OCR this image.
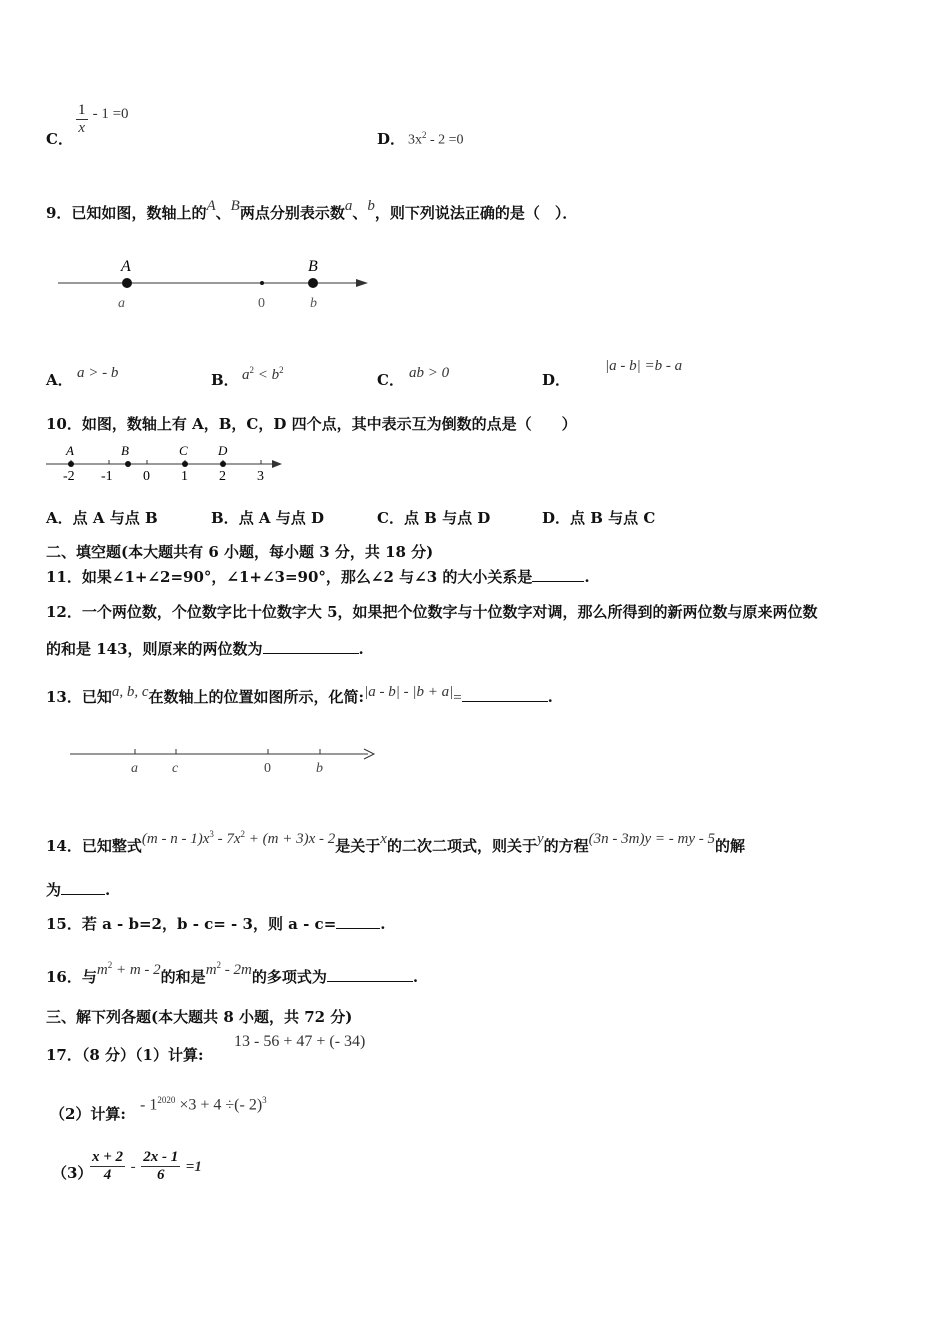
C．
$\frac{1}{x} - 1 =0$
D． $3x^2 - 2 =0$
9．已知如图，数轴上的A、B两点分别表示数a、b，则下列说法正确的是（　）．
A	B
a	0	b
A． a > - b	B． $a^2 < b^2$
C． ab > 0	D．
|a - b| =b - a
10．如图，数轴上有 A，B，C，D 四个点，其中表示互为倒数的点是（　　）
A	B	C D
-2 -1 0 1 2 3
A．点 A 与点 B	B．点 A 与点 D	C．点 B 与点 D	D．点 B 与点 C
二、填空题(本大题共有 6 小题，每小题 3 分，共 18 分)
11．如果∠1+∠2=90°，∠1+∠3=90°，那么∠2 与∠3 的大小关系是	.
12．一个两位数，个位数字比十位数字大 5，如果把个位数字与十位数字对调，那么所得到的新两位数与原来两位数
的和是 143，则原来的两位数为	.
13．已知a, b, c在数轴上的位置如图所示，化简:|a - b| - |b + a|=	.
a c	0	b
14．已知整式$(m - n - 1)x^3 - 7x^2 + (m + 3)x - 2$是关于x的二次二项式，则关于y的方程(3n - 3m)y = - my - 5的解
为	.
15．若 a - b=2，b - c= - 3，则 a - c=	.
16．与$m^2 + m - 2$的和是$m^2 - 2m$的多项式为	.
三、解下列各题(本大题共 8 小题，共 72 分)
17．（8 分）（1）计算:
13 - 56 + 47 + (- 34)
（2）计算:
- $1^{2020} \times 3 + 4$ ÷(- 2)$^3$
（3）
$\frac{x + 2}{4} - \frac{2x - 1}{6} =1$
